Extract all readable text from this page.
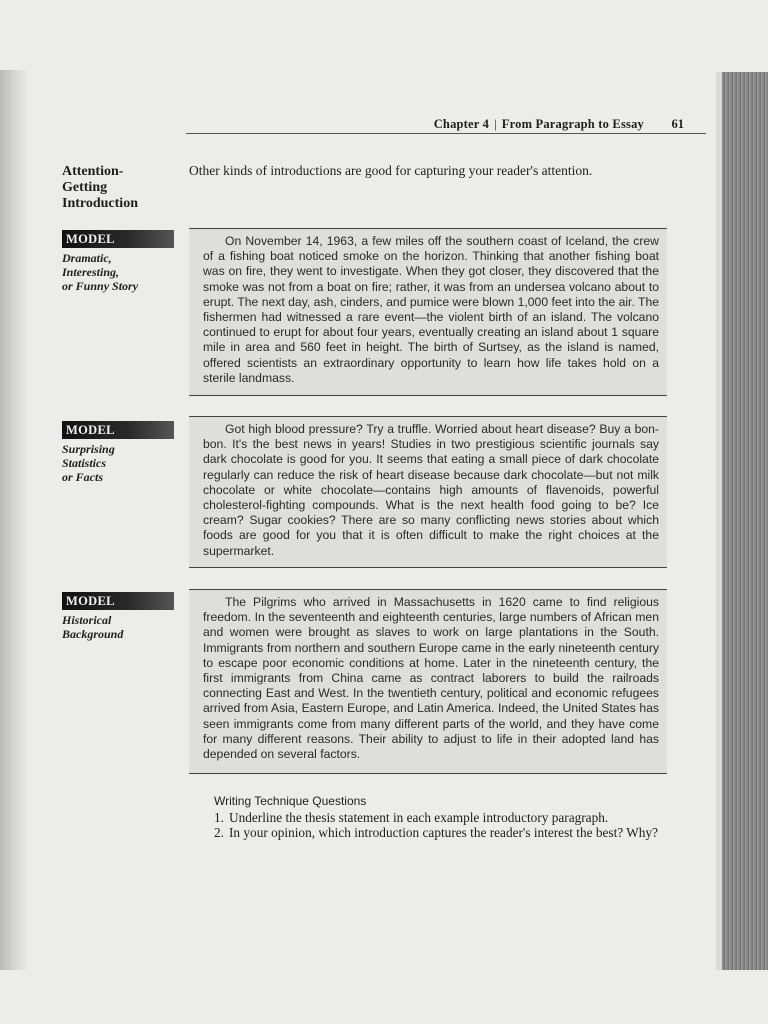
Chapter 4 | From Paragraph to Essay 61
Attention-
Getting
Introduction

Other kinds of introductions are good for capturing your reader's attention.

MODEL

Dramatic,
Interesting,
or Funny Story

On November 14, 1963, a few miles off the southern coast of Iceland, the crew of a fishing boat noticed smoke on the horizon. Thinking that another fishing boat was on fire, they went to investigate. When they got closer, they discovered that the smoke was not from a boat on fire; rather, it was from an undersea volcano about to erupt. The next day, ash, cinders, and pumice were blown 1,000 feet into the air. The fishermen had witnessed a rare event—the violent birth of an island. The volcano continued to erupt for about four years, eventually creating an island about 1 square mile in area and 560 feet in height. The birth of Surtsey, as the island is named, offered scientists an extraordinary opportunity to learn how life takes hold on a sterile landmass.

MODEL

Surprising
Statistics
or Facts

Got high blood pressure? Try a truffle. Worried about heart disease? Buy a bon-bon. It's the best news in years! Studies in two prestigious scientific journals say dark chocolate is good for you. It seems that eating a small piece of dark chocolate regularly can reduce the risk of heart disease because dark chocolate—but not milk chocolate or white chocolate—contains high amounts of flavenoids, powerful cholesterol-fighting compounds. What is the next health food going to be? Ice cream? Sugar cookies? There are so many conflicting news stories about which foods are good for you that it is often difficult to make the right choices at the supermarket.

MODEL

Historical
Background

The Pilgrims who arrived in Massachusetts in 1620 came to find religious freedom. In the seventeenth and eighteenth centuries, large numbers of African men and women were brought as slaves to work on large plantations in the South. Immigrants from northern and southern Europe came in the early nineteenth century to escape poor economic conditions at home. Later in the nineteenth century, the first immigrants from China came as contract laborers to build the railroads connecting East and West. In the twentieth century, political and economic refugees arrived from Asia, Eastern Europe, and Latin America. Indeed, the United States has seen immigrants come from many different parts of the world, and they have come for many different reasons. Their ability to adjust to life in their adopted land has depended on several factors.

Writing Technique Questions

1. Underline the thesis statement in each example introductory paragraph.
2. In your opinion, which introduction captures the reader's interest the best? Why?
